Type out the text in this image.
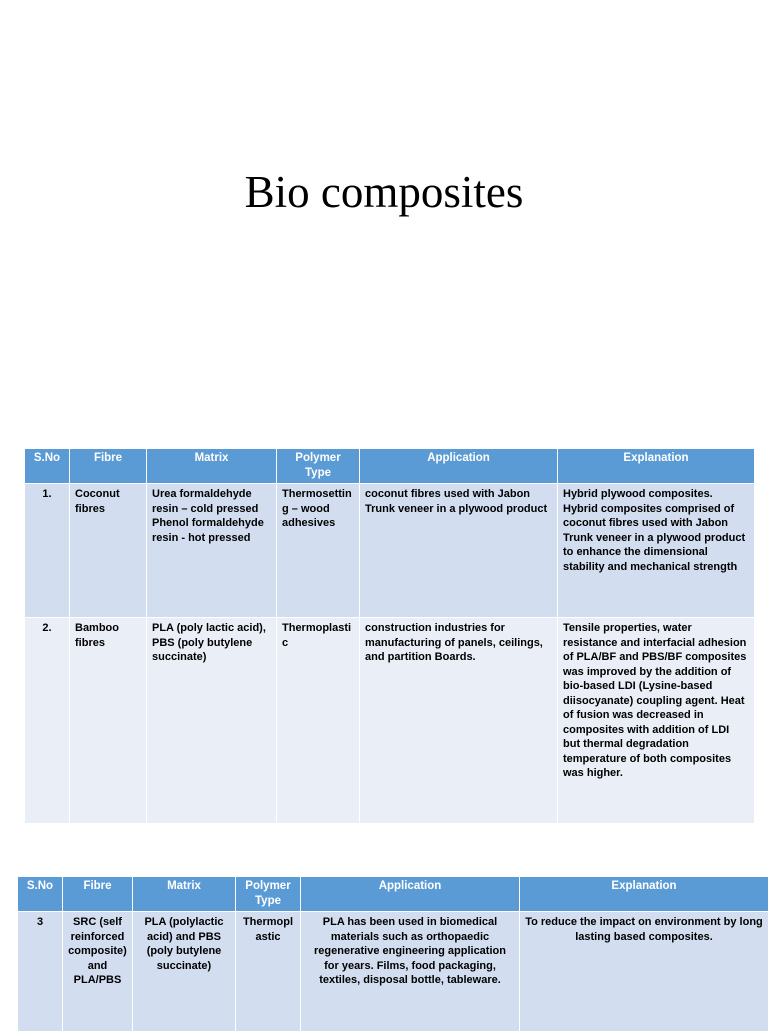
Bio composites
S.No	Fibre	Matrix	Polymer Type	Application	Explanation
1.	Coconut fibres	Urea formaldehyde resin – cold pressed Phenol formaldehyde resin - hot pressed	Thermosetting – wood adhesives	coconut fibres used with Jabon Trunk veneer in a plywood product	Hybrid plywood composites. Hybrid composites comprised of coconut fibres used with Jabon Trunk veneer in a plywood product to enhance the dimensional stability and mechanical strength
2.	Bamboo fibres	PLA (poly lactic acid), PBS (poly butylene succinate)	Thermoplastic	construction industries for manufacturing of panels, ceilings, and partition Boards.	Tensile properties, water resistance and interfacial adhesion of PLA/BF and PBS/BF composites was improved by the addition of bio-based LDI (Lysine-based diisocyanate) coupling agent. Heat of fusion was decreased in composites with addition of LDI but thermal degradation temperature of both composites was higher.
S.No	Fibre	Matrix	Polymer Type	Application	Explanation
3	SRC (self reinforced composite) and PLA/PBS	PLA (polylactic acid) and PBS (poly butylene succinate)	Thermoplastic	PLA has been used in biomedical materials such as orthopaedic regenerative engineering application for years. Films, food packaging, textiles, disposal bottle, tableware.	To reduce the impact on environment by long lasting based composites.
